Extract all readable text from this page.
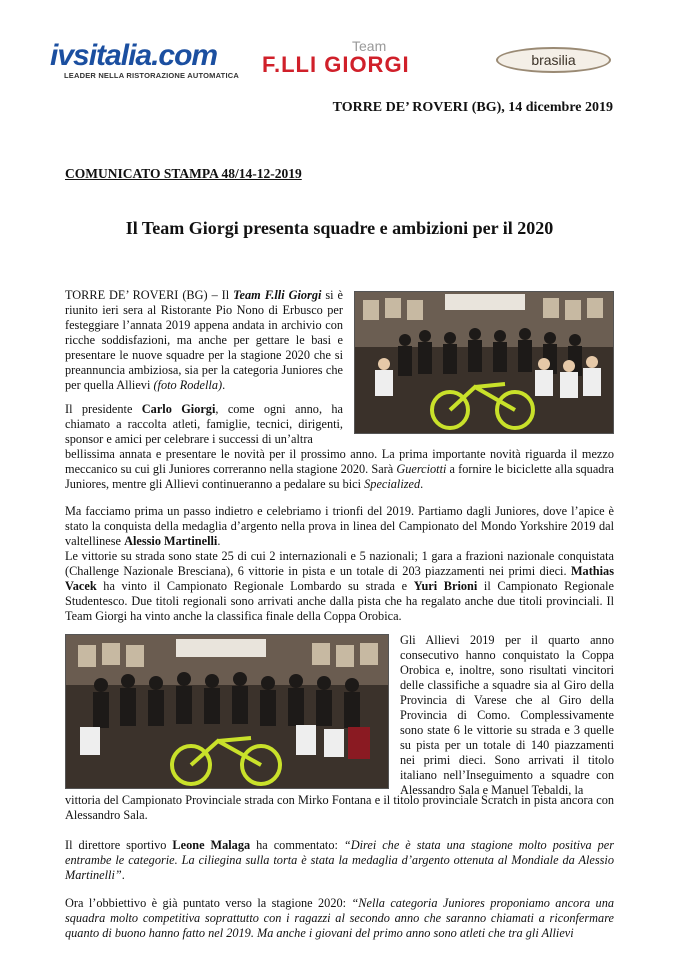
ivsitalia.com
LEADER NELLA RISTORAZIONE AUTOMATICA
Team
F.LLI GIORGI	brasilia
TORRE DE’ ROVERI (BG), 14 dicembre 2019
COMUNICATO STAMPA 48/14-12-2019
Il Team Giorgi presenta squadre e ambizioni per il 2020
TORRE DE’ ROVERI (BG) – Il Team F.lli Giorgi si è riunito ieri sera al Ristorante Pio Nono di Erbusco per festeggiare l’annata 2019 appena andata in archivio con ricche soddisfazioni, ma anche per gettare le basi e presentare le nuove squadre per la stagione 2020 che si preannuncia ambiziosa, sia per la categoria Juniores che per quella Allievi (foto Rodella).
Il presidente Carlo Giorgi, come ogni anno, ha chiamato a raccolta atleti, famiglie, tecnici, dirigenti, sponsor e amici per celebrare i successi di un’altra
bellissima annata e presentare le novità per il prossimo anno. La prima importante novità riguarda il mezzo meccanico su cui gli Juniores correranno nella stagione 2020. Sarà Guerciotti a fornire le biciclette alla squadra Juniores, mentre gli Allievi continueranno a pedalare su bici Specialized.
Ma facciamo prima un passo indietro e celebriamo i trionfi del 2019. Partiamo dagli Juniores, dove l’apice è stato la conquista della medaglia d’argento nella prova in linea del Campionato del Mondo Yorkshire 2019 dal valtellinese Alessio Martinelli.
Le vittorie su strada sono state 25 di cui 2 internazionali e 5 nazionali; 1 gara a frazioni nazionale conquistata (Challenge Nazionale Bresciana), 6 vittorie in pista e un totale di 203 piazzamenti nei primi dieci. Mathias Vacek ha vinto il Campionato Regionale Lombardo su strada e Yuri Brioni il Campionato Regionale Studentesco. Due titoli regionali sono arrivati anche dalla pista che ha regalato anche due titoli provinciali. Il Team Giorgi ha vinto anche la classifica finale della Coppa Orobica.
Gli Allievi 2019 per il quarto anno consecutivo hanno conquistato la Coppa Orobica e, inoltre, sono risultati vincitori delle classifiche a squadre sia al Giro della Provincia di Varese che al Giro della Provincia di Como. Complessivamente sono state 6 le vittorie su strada e 3 quelle su pista per un totale di 140 piazzamenti nei primi dieci. Sono arrivati il titolo italiano nell’Inseguimento a squadre con Alessandro Sala e Manuel Tebaldi, la
vittoria del Campionato Provinciale strada con Mirko Fontana e il titolo provinciale Scratch in pista ancora con Alessandro Sala.
Il direttore sportivo Leone Malaga ha commentato: “Direi che è stata una stagione molto positiva per entrambe le categorie. La ciliegina sulla torta è stata la medaglia d’argento ottenuta al Mondiale da Alessio Martinelli”.
Ora l’obbiettivo è già puntato verso la stagione 2020: “Nella categoria Juniores proponiamo ancora una squadra molto competitiva soprattutto con i ragazzi al secondo anno che saranno chiamati a riconfermare quanto di buono hanno fatto nel 2019. Ma anche i giovani del primo anno sono atleti che tra gli Allievi
